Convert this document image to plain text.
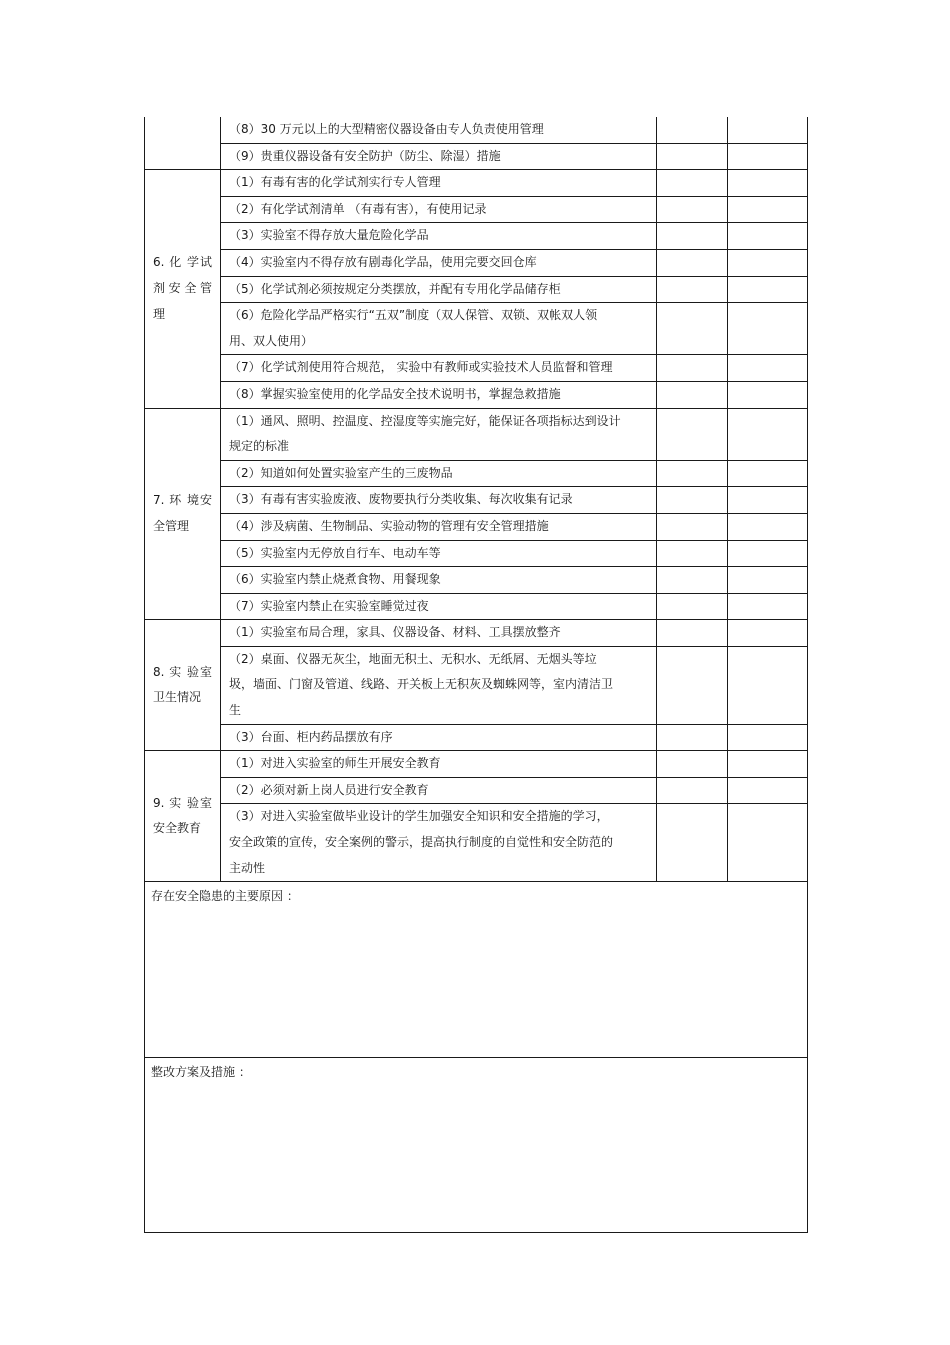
	（8）30 万元以上的大型精密仪器设备由专人负责使用管理		

	（9）贵重仪器设备有安全防护（防尘、除湿）措施		

6. 化 学试剂安全管理	（1）有毒有害的化学试剂实行专人管理		

	（2）有化学试剂清单 （有毒有害），有使用记录		

	（3）实验室不得存放大量危险化学品		

	（4）实验室内不得存放有剧毒化学品，使用完要交回仓库		

	（5）化学试剂必须按规定分类摆放，并配有专用化学品储存柜		

	（6）危险化学品严格实行“五双”制度（双人保管、双锁、双帐双人领用、双人使用）		

	（7）化学试剂使用符合规范， 实验中有教师或实验技术人员监督和管理		

	（8）掌握实验室使用的化学品安全技术说明书，掌握急救措施		

7. 环 境安全管理	（1）通风、照明、控温度、控湿度等实施完好，能保证各项指标达到设计规定的标准		

	（2）知道如何处置实验室产生的三废物品		

	（3）有毒有害实验废液、废物要执行分类收集、每次收集有记录		

	（4）涉及病菌、生物制品、实验动物的管理有安全管理措施		

	（5）实验室内无停放自行车、电动车等		

	（6）实验室内禁止烧煮食物、用餐现象		

	（7）实验室内禁止在实验室睡觉过夜		

8. 实 验室卫生情况	（1）实验室布局合理，家具、仪器设备、材料、工具摆放整齐		

	（2）桌面、仪器无灰尘，地面无积土、无积水、无纸屑、无烟头等垃圾，墙面、门窗及管道、线路、开关板上无积灰及蜘蛛网等，室内清洁卫生		

	（3）台面、柜内药品摆放有序		

9. 实 验室安全教育	（1）对进入实验室的师生开展安全教育		

	（2）必须对新上岗人员进行安全教育		

	（3）对进入实验室做毕业设计的学生加强安全知识和安全措施的学习，安全政策的宣传，安全案例的警示，提高执行制度的自觉性和安全防范的主动性		

存在安全隐患的主要原因 ：			

整改方案及措施 ：			
